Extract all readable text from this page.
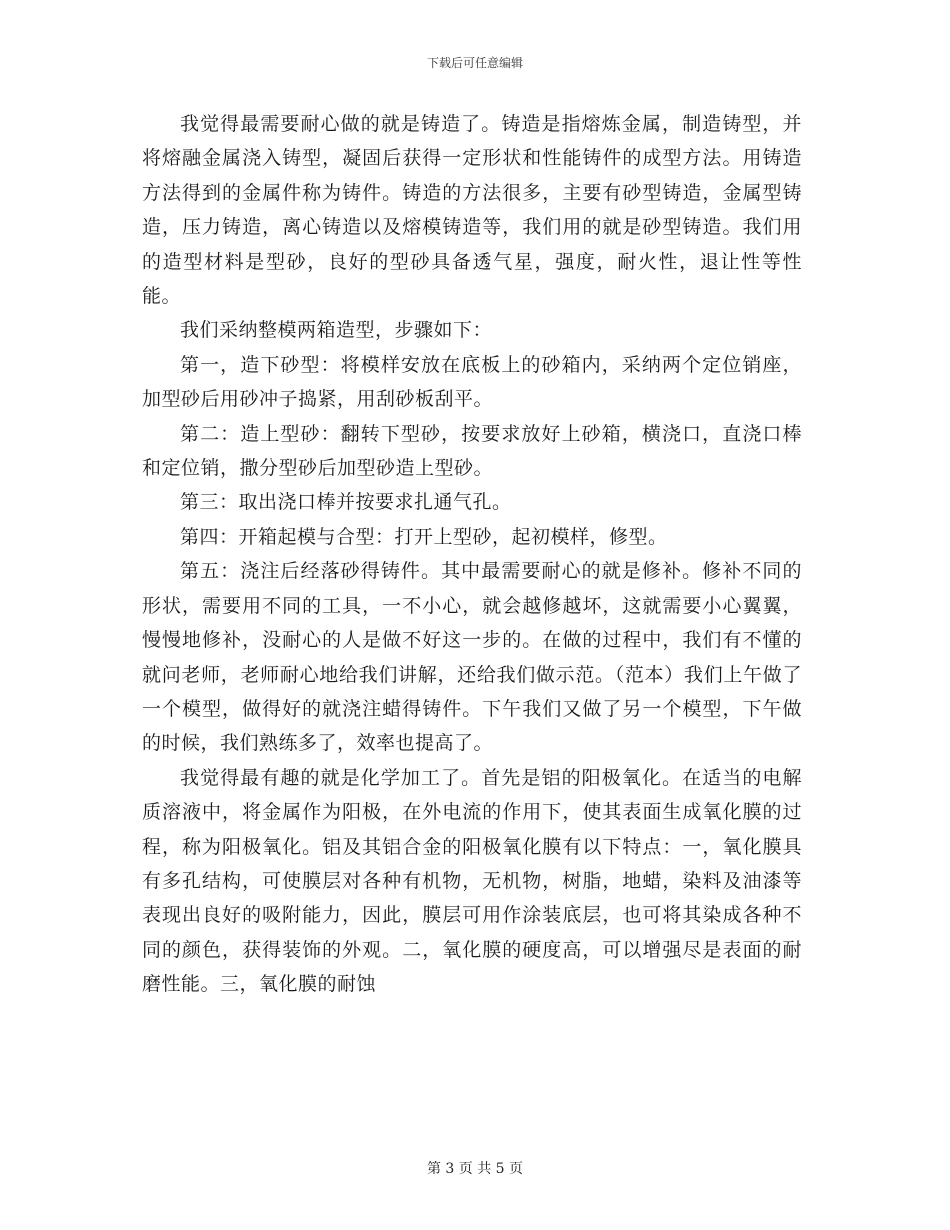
下载后可任意编辑

我觉得最需要耐心做的就是铸造了。铸造是指熔炼金属，制造铸型，并将熔融金属浇入铸型，凝固后获得一定形状和性能铸件的成型方法。用铸造方法得到的金属件称为铸件。铸造的方法很多，主要有砂型铸造，金属型铸造，压力铸造，离心铸造以及熔模铸造等，我们用的就是砂型铸造。我们用的造型材料是型砂，良好的型砂具备透气星，强度，耐火性，退让性等性能。

我们采纳整模两箱造型，步骤如下：

第一，造下砂型：将模样安放在底板上的砂箱内，采纳两个定位销座，加型砂后用砂冲子捣紧，用刮砂板刮平。

第二：造上型砂：翻转下型砂，按要求放好上砂箱，横浇口，直浇口棒和定位销，撒分型砂后加型砂造上型砂。

第三：取出浇口棒并按要求扎通气孔。

第四：开箱起模与合型：打开上型砂，起初模样，修型。

第五：浇注后经落砂得铸件。其中最需要耐心的就是修补。修补不同的形状，需要用不同的工具，一不小心，就会越修越坏，这就需要小心翼翼，慢慢地修补，没耐心的人是做不好这一步的。在做的过程中，我们有不懂的就问老师，老师耐心地给我们讲解，还给我们做示范。（范本）我们上午做了一个模型，做得好的就浇注蜡得铸件。下午我们又做了另一个模型，下午做的时候，我们熟练多了，效率也提高了。

我觉得最有趣的就是化学加工了。首先是铝的阳极氧化。在适当的电解质溶液中，将金属作为阳极，在外电流的作用下，使其表面生成氧化膜的过程，称为阳极氧化。铝及其铝合金的阳极氧化膜有以下特点：一，氧化膜具有多孔结构，可使膜层对各种有机物，无机物，树脂，地蜡，染料及油漆等表现出良好的吸附能力，因此，膜层可用作涂装底层，也可将其染成各种不同的颜色，获得装饰的外观。二，氧化膜的硬度高，可以增强尽是表面的耐磨性能。三，氧化膜的耐蚀

第 3 页 共 5 页
